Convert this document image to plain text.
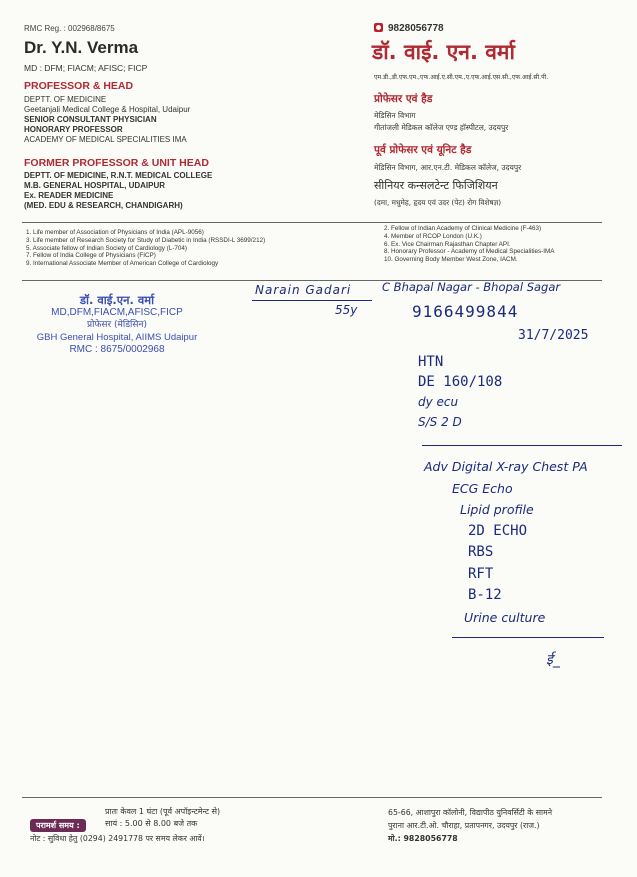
RMC Reg. : 002968/8675
Dr. Y.N. Verma
MD : DFM; FIACM; AFISC; FICP
PROFESSOR & HEAD
DEPTT. OF MEDICINE
Geetanjali Medical College & Hospital, Udaipur
SENIOR CONSULTANT PHYSICIAN
HONORARY PROFESSOR
ACADEMY OF MEDICAL SPECIALITIES IMA
FORMER PROFESSOR & UNIT HEAD
DEPTT. OF MEDICINE, R.N.T. MEDICAL COLLEGE
M.B. GENERAL HOSPITAL, UDAIPUR
Ex. READER MEDICINE
(MED. EDU & RESEARCH, CHANDIGARH)
9828056778
डॉ. वाई. एन. वर्मा
एम.डी.,डी.एफ.एम.,एफ.आई.ए.सी.एम.,ए.एफ.आई.एस.सी.,एफ.आई.सी.पी.
प्रोफेसर एवं हैड
मेडिसिन विभाग
गीतांजली मेडिकल कॉलेज एण्ड हॉस्पीटल, उदयपुर
पूर्व प्रोफेसर एवं यूनिट हैड
मेडिसिन विभाग, आर.एन.टी. मेडिकल कॉलेज, उदयपुर
सीनियर कन्सलटेन्ट फिजिशियन
(दमा, मधुमेह, हृदय एवं उदर (पेट) रोग विशेषज्ञ)
1. Life member of Association of Physicians of India (APL-9056)
3. Life member of Research Society for Study of Diabetic in India (RSSDI-L 3699/212)
5. Associate fellow of Indian Society of Cardiology (L-704)
7. Fellow of India College of Physicians (FICP)
9. International Associate Member of American College of Cardiology
2. Fellow of Indian Academy of Clinical Medicine (F-463)
4. Member of RCOP London (U.K.)
6. Ex. Vice Chairman Rajasthan Chapter API.
8. Honorary Professor - Academy of Medical Specialities-IMA
10. Governing Body Member West Zone, IACM.
डॉ. वाई.एन. वर्मा
MD,DFM,FIACM,AFISC,FICP
प्रोफेसर (मेडिसिन)
GBH General Hospital, AIIMS Udaipur
RMC : 8675/0002968
Narain Gadari
55y
C Bhapal Nagar - Bhopal Sagar
9166499844
31/7/2025
HTN
DE 160/108
dy ecu
S/S 2 D
Adv Digital X-ray Chest PA
ECG Echo
Lipid profile
2D ECHO
RBS
RFT
B-12
Urine culture
ई_
परामर्श समय :
प्रातः केवल 1 घंटा (पूर्व अपॉइन्टमेन्ट से)
सायं : 5.00 से 8.00 बजे तक
नोट : सुविधा हेतु (0294) 2491778 पर समय लेकर आवें।
65-66, आशापुरा कॉलोनी, विद्यापीठ युनिवर्सिटी के सामने
पुराना आर.टी.ओ. चौराहा, प्रतापनगर, उदयपुर (राज.)
मो.: 9828056778
